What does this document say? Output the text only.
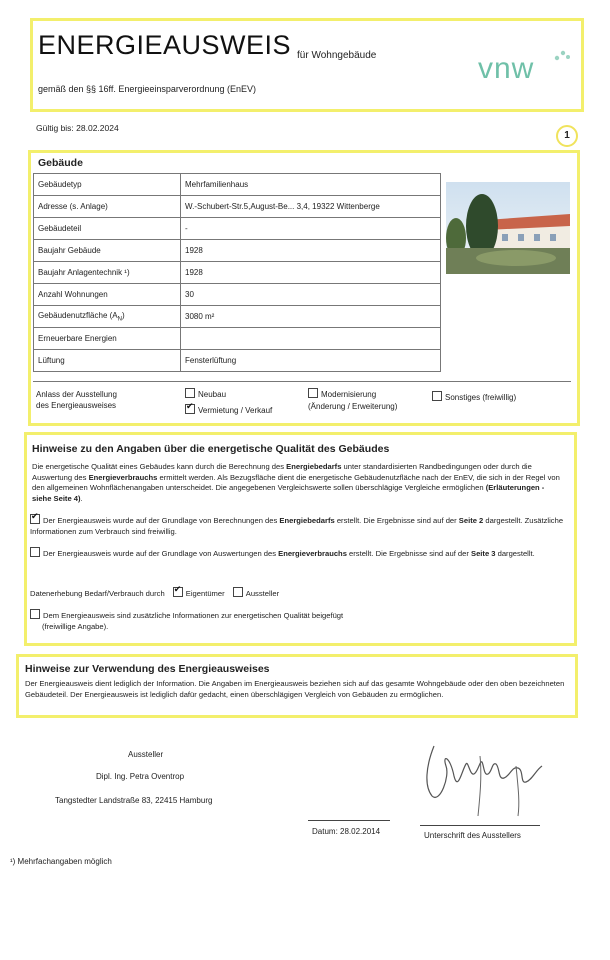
ENERGIEAUSWEIS für Wohngebäude
gemäß den §§ 16ff. Energieeinsparverordnung (EnEV)
vnw
Gültig bis: 28.02.2024
1
Gebäude
Gebäudetyp	Mehrfamilienhaus
Adresse (s. Anlage)	W.-Schubert-Str.5,August-Be... 3,4, 19322 Wittenberge
Gebäudeteil	-
Baujahr Gebäude	1928
Baujahr Anlagentechnik ¹)	1928
Anzahl Wohnungen	30
Gebäudenutzfläche $(A_N)$	3080 m²
Erneuerbare Energien	
Lüftung	Fensterlüftung
Anlass der Ausstellung
des Energieausweises
Neubau
✔Vermietung / Verkauf
Modernisierung
(Änderung / Erweiterung)
Sonstiges (freiwillig)
Hinweise zu den Angaben über die energetische Qualität des Gebäudes
Die energetische Qualität eines Gebäudes kann durch die Berechnung des Energiebedarfs unter standardisierten Randbedingungen oder durch die Auswertung des Energieverbrauchs ermittelt werden. Als Bezugsfläche dient die energetische Gebäudenutzfläche nach der EnEV, die sich in der Regel von den allgemeinen Wohnflächenangaben unterscheidet. Die angegebenen Vergleichswerte sollen überschlägige Vergleiche ermöglichen (Erläuterungen - siehe Seite 4).
✔Der Energieausweis wurde auf der Grundlage von Berechnungen des Energiebedarfs erstellt. Die Ergebnisse sind auf der Seite 2 dargestellt. Zusätzliche Informationen zum Verbrauch sind freiwillig.
Der Energieausweis wurde auf der Grundlage von Auswertungen des Energieverbrauchs erstellt. Die Ergebnisse sind auf der Seite 3 dargestellt.
Datenerhebung Bedarf/Verbrauch durch ✔	Eigentümer	Aussteller
Dem Energieausweis sind zusätzliche Informationen zur energetischen Qualität beigefügt
(freiwillige Angabe).
Hinweise zur Verwendung des Energieausweises
Der Energieausweis dient lediglich der Information. Die Angaben im Energieausweis beziehen sich auf das gesamte Wohngebäude oder den oben bezeichneten Gebäudeteil. Der Energieausweis ist lediglich dafür gedacht, einen überschlägigen Vergleich von Gebäuden zu ermöglichen.
Aussteller
Dipl. Ing. Petra Oventrop
Tangstedter Landstraße 83, 22415 Hamburg
Datum: 28.02.2014	Unterschrift des Ausstellers
¹) Mehrfachangaben möglich
